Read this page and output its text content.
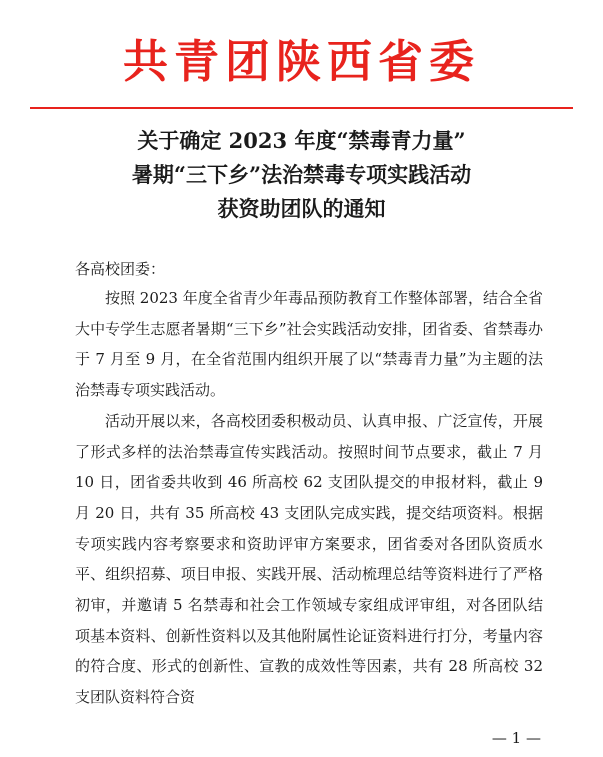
共青团陕西省委
关于确定 2023 年度“禁毒青力量”
暑期“三下乡”法治禁毒专项实践活动
获资助团队的通知
各高校团委：

按照 2023 年度全省青少年毒品预防教育工作整体部署，结合全省大中专学生志愿者暑期“三下乡”社会实践活动安排，团省委、省禁毒办于 7 月至 9 月，在全省范围内组织开展了以“禁毒青力量”为主题的法治禁毒专项实践活动。

活动开展以来，各高校团委积极动员、认真申报、广泛宣传，开展了形式多样的法治禁毒宣传实践活动。按照时间节点要求，截止 7 月 10 日，团省委共收到 46 所高校 62 支团队提交的申报材料，截止 9 月 20 日，共有 35 所高校 43 支团队完成实践，提交结项资料。根据专项实践内容考察要求和资助评审方案要求，团省委对各团队资质水平、组织招募、项目申报、实践开展、活动梳理总结等资料进行了严格初审，并邀请 5 名禁毒和社会工作领域专家组成评审组，对各团队结项基本资料、创新性资料以及其他附属性论证资料进行打分，考量内容的符合度、形式的创新性、宣教的成效性等因素，共有 28 所高校 32 支团队资料符合资

— 1 —
